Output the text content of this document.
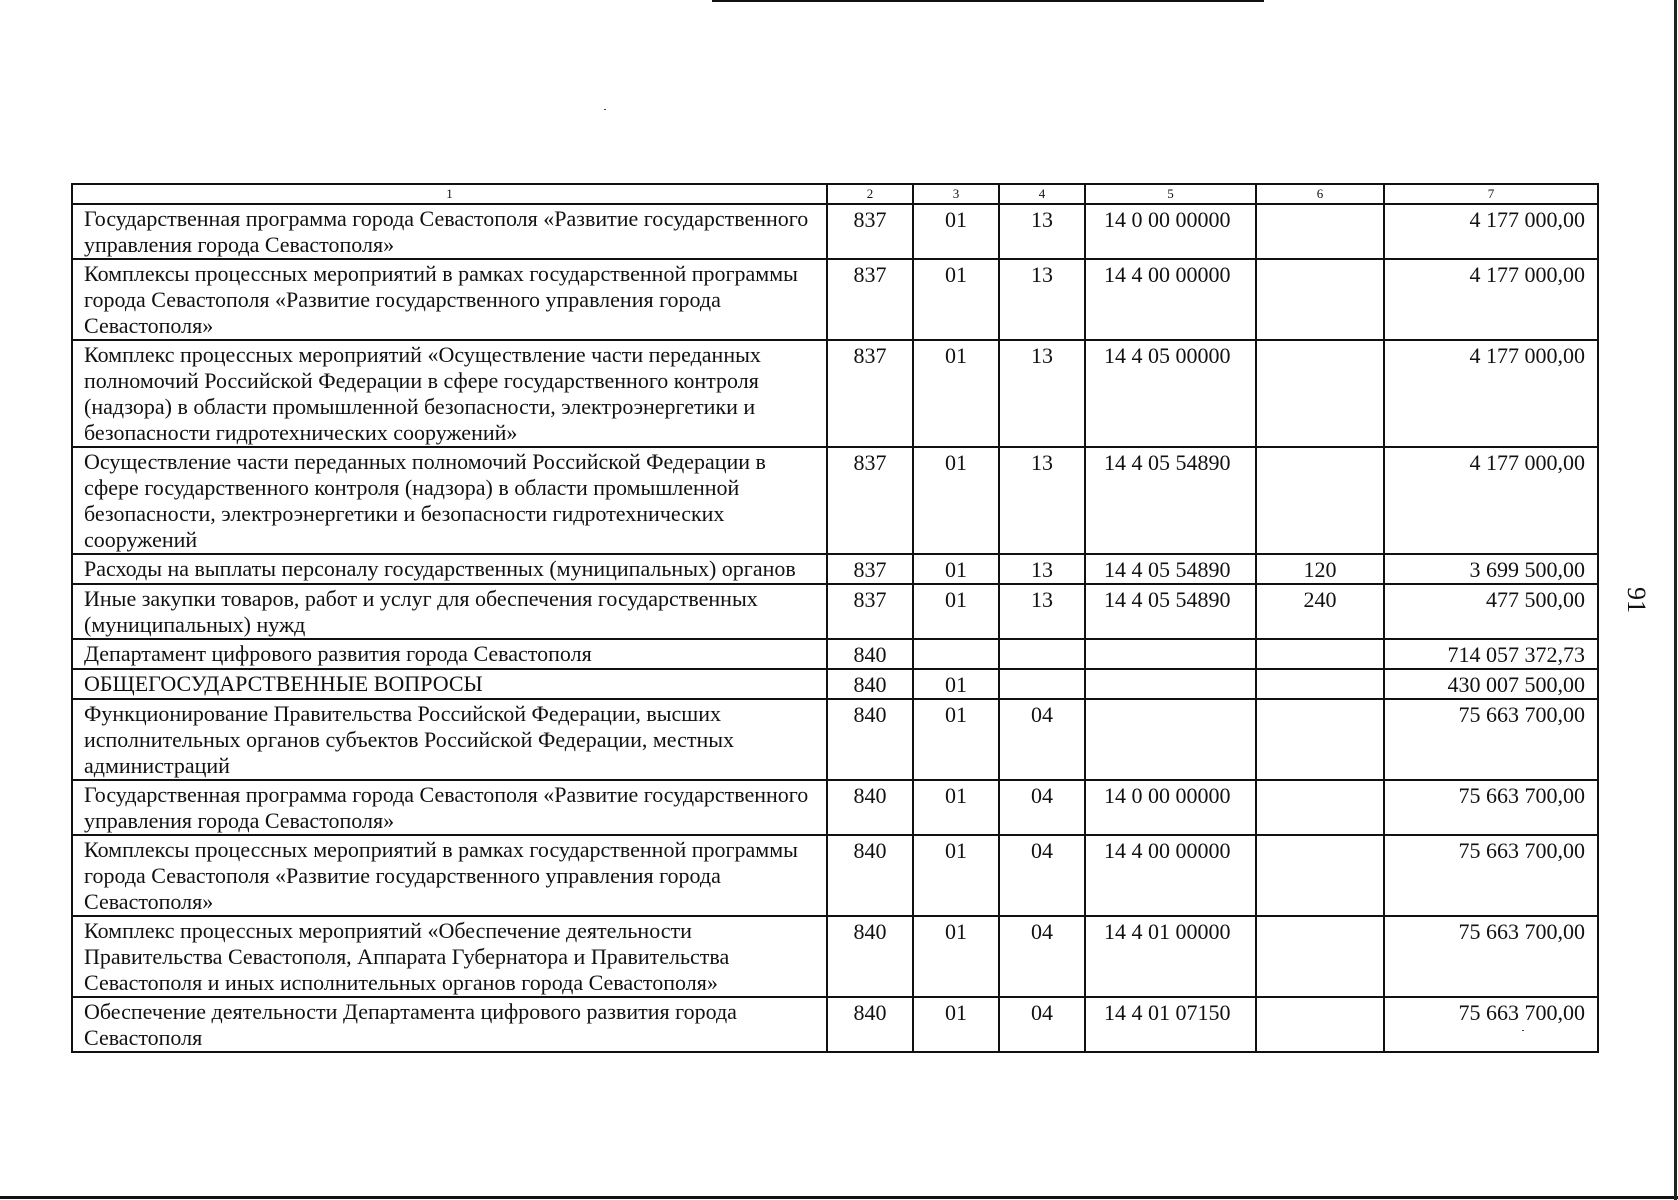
91
1	2	3	4	5	6	7
Государственная программа города Севастополя «Развитие государственного управления города Севастополя»	837	01	13	14 0 00 00000		4 177 000,00
Комплексы процессных мероприятий в рамках государственной программы города Севастополя «Развитие государственного управления города Севастополя»	837	01	13	14 4 00 00000		4 177 000,00
Комплекс процессных мероприятий «Осуществление части переданных полномочий Российской Федерации в сфере государственного контроля (надзора) в области промышленной безопасности, электроэнергетики и безопасности гидротехнических сооружений»	837	01	13	14 4 05 00000		4 177 000,00
Осуществление части переданных полномочий Российской Федерации в сфере государственного контроля (надзора) в области промышленной безопасности, электроэнергетики и безопасности гидротехнических сооружений	837	01	13	14 4 05 54890		4 177 000,00
Расходы на выплаты персоналу государственных (муниципальных) органов	837	01	13	14 4 05 54890	120	3 699 500,00
Иные закупки товаров, работ и услуг для обеспечения государственных (муниципальных) нужд	837	01	13	14 4 05 54890	240	477 500,00
Департамент цифрового развития города Севастополя	840					714 057 372,73
ОБЩЕГОСУДАРСТВЕННЫЕ ВОПРОСЫ	840	01				430 007 500,00
Функционирование Правительства Российской Федерации, высших исполнительных органов субъектов Российской Федерации, местных администраций	840	01	04			75 663 700,00
Государственная программа города Севастополя «Развитие государственного управления города Севастополя»	840	01	04	14 0 00 00000		75 663 700,00
Комплексы процессных мероприятий в рамках государственной программы города Севастополя «Развитие государственного управления города Севастополя»	840	01	04	14 4 00 00000		75 663 700,00
Комплекс процессных мероприятий «Обеспечение деятельности Правительства Севастополя, Аппарата Губернатора и Правительства Севастополя и иных исполнительных органов города Севастополя»	840	01	04	14 4 01 00000		75 663 700,00
Обеспечение деятельности Департамента цифрового развития города Севастополя	840	01	04	14 4 01 07150		75 663 700,00
